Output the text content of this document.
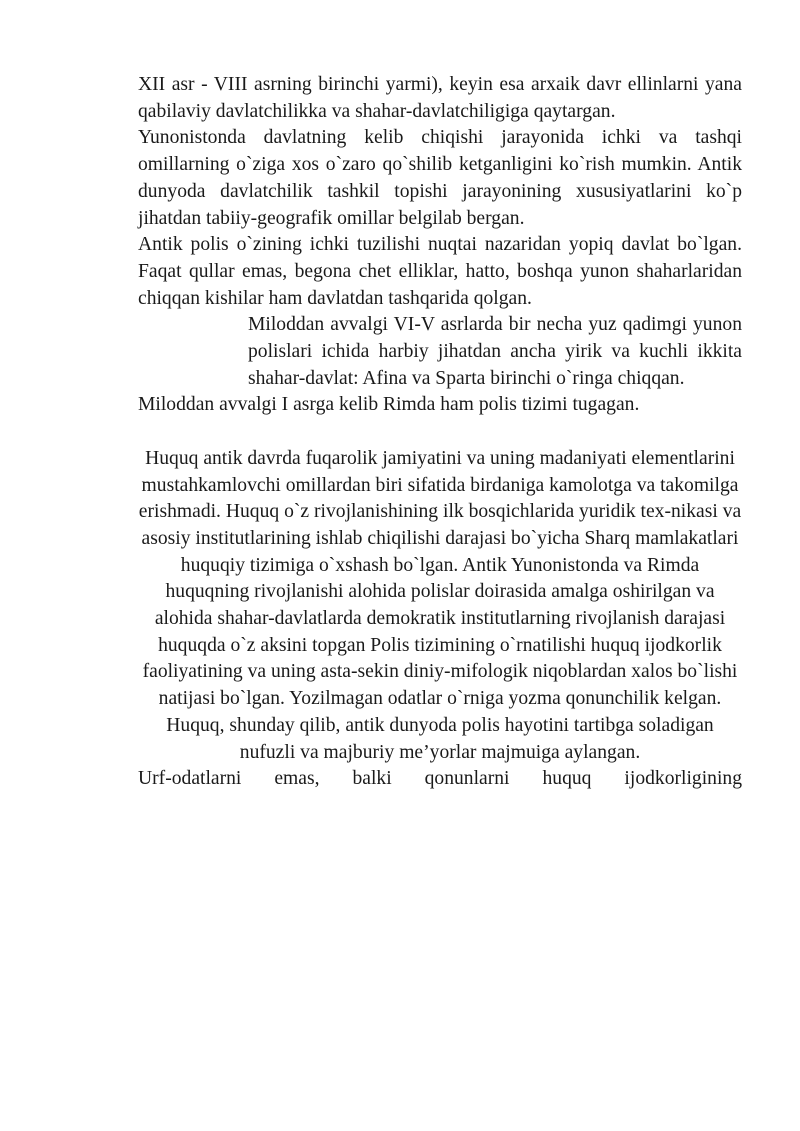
XII asr - VIII asrning birinchi yarmi), keyin esa arxaik davr ellinlarni yana qabilaviy davlatchilikka va shahar-davlatchiligiga qaytargan.

Yunonistonda davlatning kelib chiqishi jarayonida ichki va tashqi omillarning o`ziga xos o`zaro qo`shilib ketganligini ko`rish mumkin. Antik dunyoda davlatchilik tashkil topishi jarayonining xususiyatlarini ko`p jihatdan tabiiy-geografik omillar belgilab bergan.

Antik polis o`zining ichki tuzilishi nuqtai nazaridan yopiq davlat bo`lgan. Faqat qullar emas, begona chet elliklar, hatto, boshqa yunon shaharlaridan chiqqan kishilar ham davlatdan tashqarida qolgan.

Miloddan avvalgi VI-V asrlarda bir necha yuz qadimgi yunon polislari ichida harbiy jihatdan ancha yirik va kuchli ikkita shahar-davlat: Afina va Sparta birinchi o`ringa chiqqan.

Miloddan avvalgi I asrga kelib Rimda ham polis tizimi tugagan.

Huquq antik davrda fuqarolik jamiyatini va uning madaniyati elementlarini mustahkamlovchi omillardan biri sifatida birdaniga kamolotga va takomilga erishmadi. Huquq o`z rivojlanishining ilk bosqichlarida yuridik tex-nikasi va asosiy institutlarining ishlab chiqilishi darajasi bo`yicha Sharq mamlakatlari huquqiy tizimiga o`xshash bo`lgan. Antik Yunonistonda va Rimda huquqning rivojlanishi alohida polislar doirasida amalga oshirilgan va alohida shahar-davlatlarda demokratik institutlarning rivojlanish darajasi huquqda o`z aksini topgan Polis tizimining o`rnatilishi huquq ijodkorlik faoliyatining va uning asta-sekin diniy-mifologik niqoblardan xalos bo`lishi natijasi bo`lgan. Yozilmagan odatlar o`rniga yozma qonunchilik kelgan. Huquq, shunday qilib, antik dunyoda polis hayotini tartibga soladigan nufuzli va majburiy me’yorlar majmuiga aylangan.

Urf-odatlarni emas, balki qonunlarni huquq ijodkorligining
